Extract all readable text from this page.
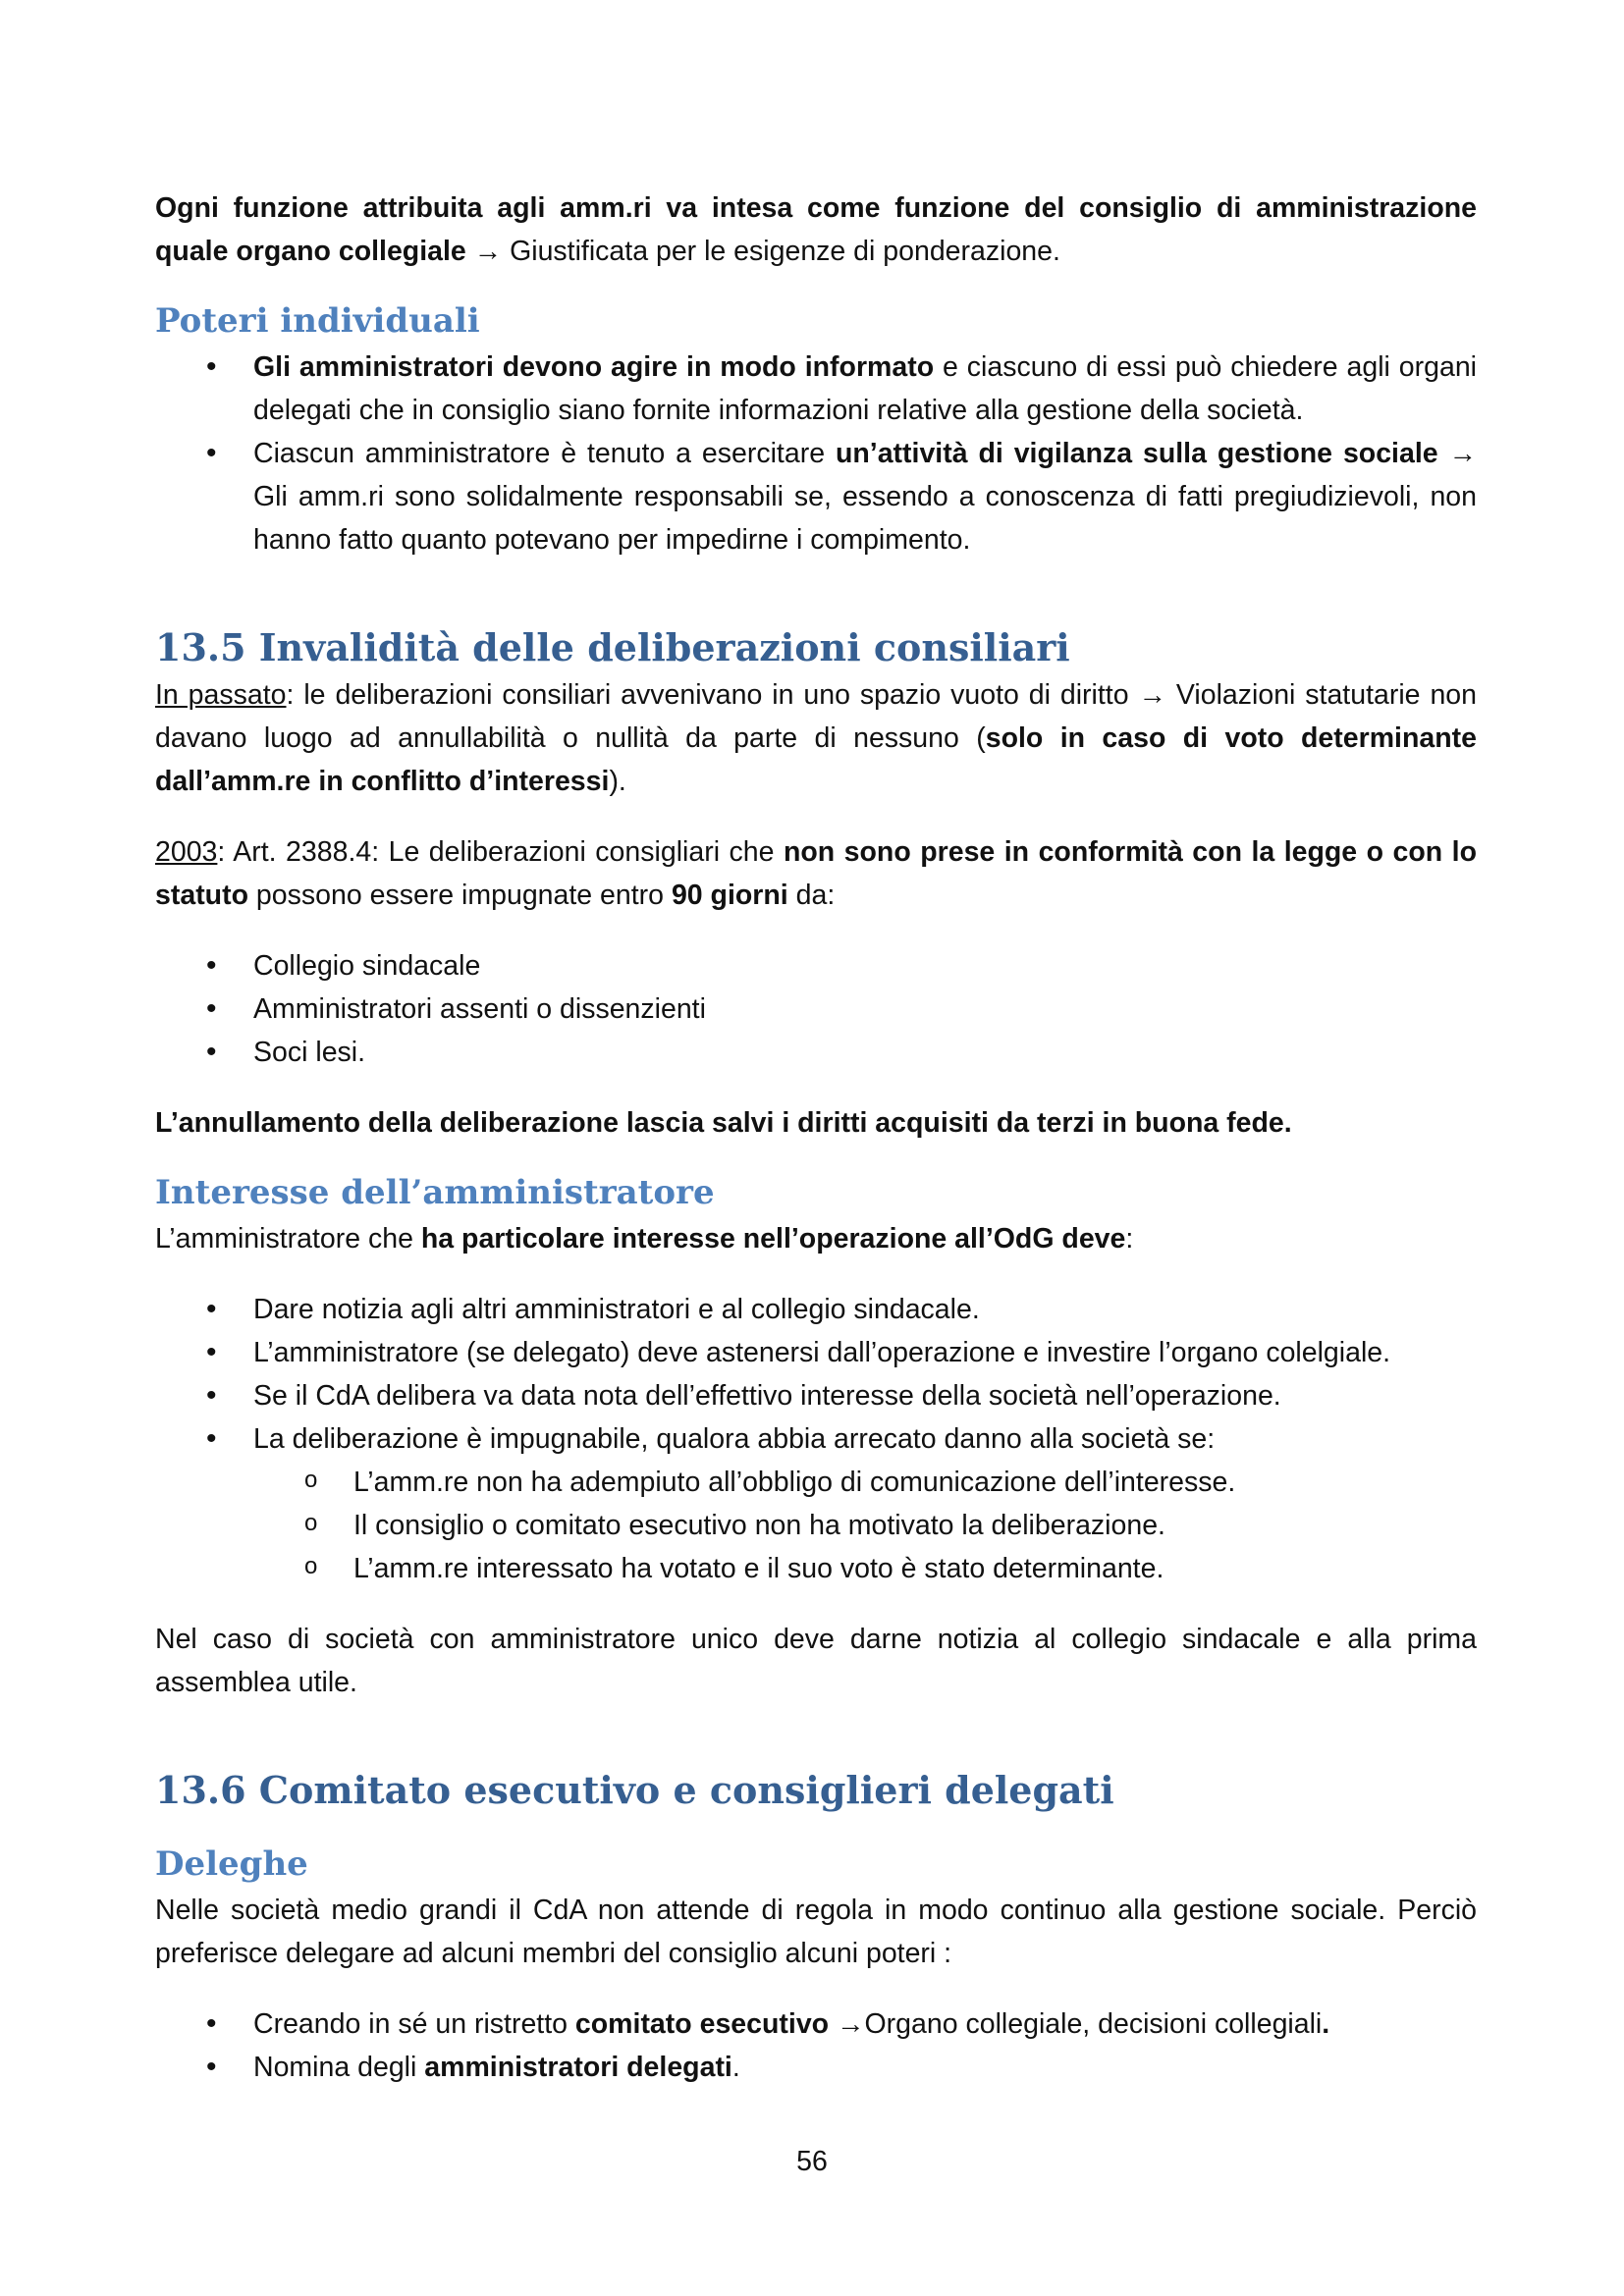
Ogni funzione attribuita agli amm.ri va intesa come funzione del consiglio di amministrazione quale organo collegiale → Giustificata per le esigenze di ponderazione.

Poteri individuali
• Gli amministratori devono agire in modo informato e ciascuno di essi può chiedere agli organi delegati che in consiglio siano fornite informazioni relative alla gestione della società.
• Ciascun amministratore è tenuto a esercitare un’attività di vigilanza sulla gestione sociale → Gli amm.ri sono solidalmente responsabili se, essendo a conoscenza di fatti pregiudizievoli, non hanno fatto quanto potevano per impedirne i compimento.
13.5 Invalidità delle deliberazioni consiliari

In passato: le deliberazioni consiliari avvenivano in uno spazio vuoto di diritto → Violazioni statutarie non davano luogo ad annullabilità o nullità da parte di nessuno (solo in caso di voto determinante dall’amm.re in conflitto d’interessi).

2003: Art. 2388.4: Le deliberazioni consigliari che non sono prese in conformità con la legge o con lo statuto possono essere impugnate entro 90 giorni da:

• Collegio sindacale
• Amministratori assenti o dissenzienti
• Soci lesi.

L’annullamento della deliberazione lascia salvi i diritti acquisiti da terzi in buona fede.

Interesse dell’amministratore

L’amministratore che ha particolare interesse nell’operazione all’OdG deve:

• Dare notizia agli altri amministratori e al collegio sindacale.
• L’amministratore (se delegato) deve astenersi dall’operazione e investire l’organo colelgiale.
• Se il CdA delibera va data nota dell’effettivo interesse della società nell’operazione.
• La deliberazione è impugnabile, qualora abbia arrecato danno alla società se:
o L’amm.re non ha adempiuto all’obbligo di comunicazione dell’interesse.
o Il consiglio o comitato esecutivo non ha motivato la deliberazione.
o L’amm.re interessato ha votato e il suo voto è stato determinante.

Nel caso di società con amministratore unico deve darne notizia al collegio sindacale e alla prima assemblea utile.

13.6 Comitato esecutivo e consiglieri delegati
Deleghe

Nelle società medio grandi il CdA non attende di regola in modo continuo alla gestione sociale. Perciò preferisce delegare ad alcuni membri del consiglio alcuni poteri :

• Creando in sé un ristretto comitato esecutivo →Organo collegiale, decisioni collegiali.
• Nomina degli amministratori delegati.
56
